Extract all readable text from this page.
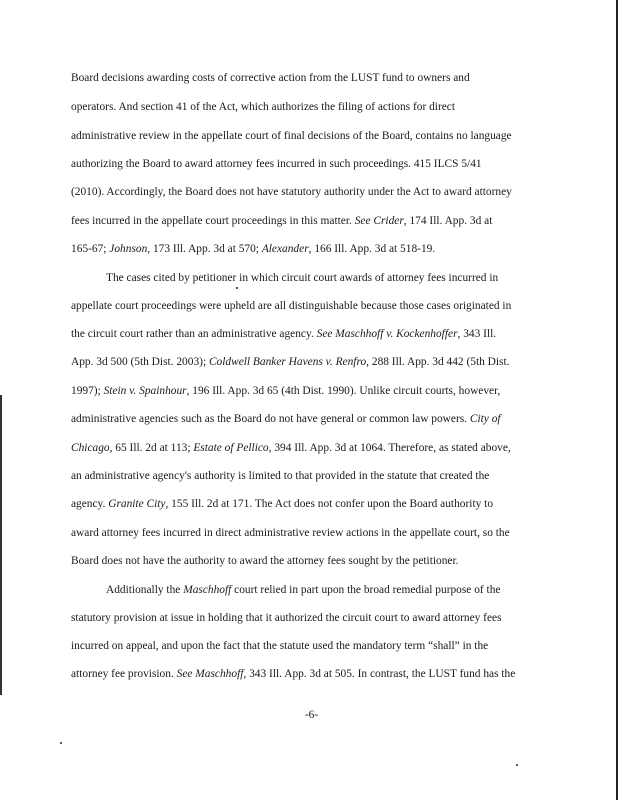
Board decisions awarding costs of corrective action from the LUST fund to owners and
operators. And section 41 of the Act, which authorizes the filing of actions for direct
administrative review in the appellate court of final decisions of the Board, contains no language
authorizing the Board to award attorney fees incurred in such proceedings. 415 ILCS 5/41
(2010). Accordingly, the Board does not have statutory authority under the Act to award attorney
fees incurred in the appellate court proceedings in this matter. See Crider, 174 Ill. App. 3d at
165-67; Johnson, 173 Ill. App. 3d at 570; Alexander, 166 Ill. App. 3d at 518-19.
The cases cited by petitioner in which circuit court awards of attorney fees incurred in
appellate court proceedings were upheld are all distinguishable because those cases originated in
the circuit court rather than an administrative agency. See Maschhoff v. Kockenhoffer, 343 Ill.
App. 3d 500 (5th Dist. 2003); Coldwell Banker Havens v. Renfro, 288 Ill. App. 3d 442 (5th Dist.
1997); Stein v. Spainhour, 196 Ill. App. 3d 65 (4th Dist. 1990). Unlike circuit courts, however,
administrative agencies such as the Board do not have general or common law powers. City of
Chicago, 65 Ill. 2d at 113; Estate of Pellico, 394 Ill. App. 3d at 1064. Therefore, as stated above,
an administrative agency's authority is limited to that provided in the statute that created the
agency. Granite City, 155 Ill. 2d at 171. The Act does not confer upon the Board authority to
award attorney fees incurred in direct administrative review actions in the appellate court, so the
Board does not have the authority to award the attorney fees sought by the petitioner.
Additionally the Maschhoff court relied in part upon the broad remedial purpose of the
statutory provision at issue in holding that it authorized the circuit court to award attorney fees
incurred on appeal, and upon the fact that the statute used the mandatory term “shall” in the
attorney fee provision. See Maschhoff, 343 Ill. App. 3d at 505. In contrast, the LUST fund has the
-6-
